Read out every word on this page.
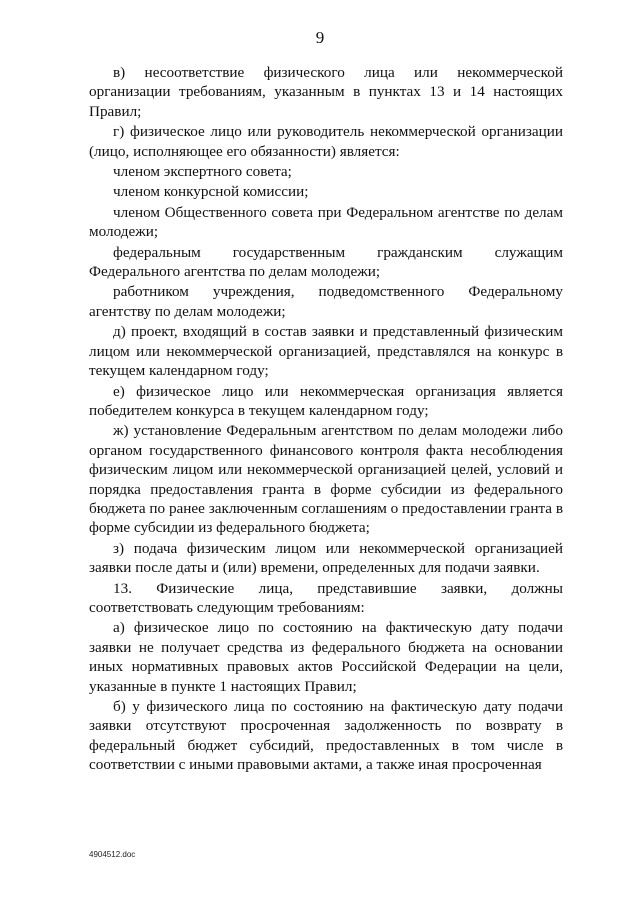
9

в) несоответствие физического лица или некоммерческой организации требованиям, указанным в пунктах 13 и 14 настоящих Правил;

г) физическое лицо или руководитель некоммерческой организации (лицо, исполняющее его обязанности) является:

членом экспертного совета;

членом конкурсной комиссии;

членом Общественного совета при Федеральном агентстве по делам молодежи;

федеральным государственным гражданским служащим Федерального агентства по делам молодежи;

работником учреждения, подведомственного Федеральному агентству по делам молодежи;

д) проект, входящий в состав заявки и представленный физическим лицом или некоммерческой организацией, представлялся на конкурс в текущем календарном году;

е) физическое лицо или некоммерческая организация является победителем конкурса в текущем календарном году;

ж) установление Федеральным агентством по делам молодежи либо органом государственного финансового контроля факта несоблюдения физическим лицом или некоммерческой организацией целей, условий и порядка предоставления гранта в форме субсидии из федерального бюджета по ранее заключенным соглашениям о предоставлении гранта в форме субсидии из федерального бюджета;

з) подача физическим лицом или некоммерческой организацией заявки после даты и (или) времени, определенных для подачи заявки.

13. Физические лица, представившие заявки, должны соответствовать следующим требованиям:

а) физическое лицо по состоянию на фактическую дату подачи заявки не получает средства из федерального бюджета на основании иных нормативных правовых актов Российской Федерации на цели, указанные в пункте 1 настоящих Правил;

б) у физического лица по состоянию на фактическую дату подачи заявки отсутствуют просроченная задолженность по возврату в федеральный бюджет субсидий, предоставленных в том числе в соответствии с иными правовыми актами, а также иная просроченная

4904512.doc
